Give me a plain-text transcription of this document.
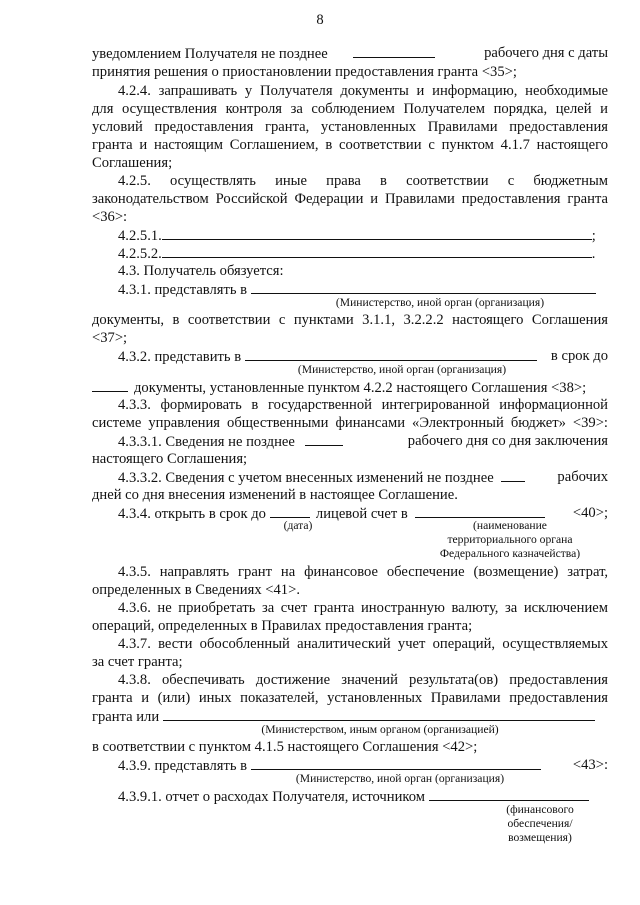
8
уведомлением Получателя не позднее	рабочего дня с даты
принятия решения о приостановлении предоставления гранта <35>;
4.2.4. запрашивать у Получателя документы и информацию, необходимые
для осуществления контроля за соблюдением Получателем порядка, целей и
условий предоставления гранта, установленных Правилами предоставления
гранта и настоящим Соглашением, в соответствии с пунктом 4.1.7 настоящего
Соглашения;
4.2.5. осуществлять иные права в соответствии с бюджетным
законодательством Российской Федерации и Правилами предоставления гранта
<36>:
4.2.5.1.	;
4.2.5.2.	.
4.3. Получатель обязуется:
4.3.1. представлять в
(Министерство, иной орган (организация)
документы, в соответствии с пунктами 3.1.1, 3.2.2.2 настоящего Соглашения
<37>;
4.3.2. представить в	в срок до
(Министерство, иной орган (организация)
документы, установленные пунктом 4.2.2 настоящего Соглашения <38>;
4.3.3. формировать в государственной интегрированной информационной
системе управления общественными финансами «Электронный бюджет» <39>:
4.3.3.1. Сведения не позднее	рабочего дня со дня заключения
настоящего Соглашения;
4.3.3.2. Сведения с учетом внесенных изменений не позднее	рабочих
дней со дня внесения изменений в настоящее Соглашение.
4.3.4. открыть в срок до	лицевой счет в	<40>;
(дата)	(наименование
территориального органа
Федерального казначейства)
4.3.5. направлять грант на финансовое обеспечение (возмещение) затрат,
определенных в Сведениях <41>.
4.3.6. не приобретать за счет гранта иностранную валюту, за исключением
операций, определенных в Правилах предоставления гранта;
4.3.7. вести обособленный аналитический учет операций, осуществляемых
за счет гранта;
4.3.8. обеспечивать достижение значений результата(ов) предоставления
гранта и (или) иных показателей, установленных Правилами предоставления
гранта или
(Министерством, иным органом (организацией)
в соответствии с пунктом 4.1.5 настоящего Соглашения <42>;
4.3.9. представлять в	<43>:
(Министерство, иной орган (организация)
4.3.9.1. отчет о расходах Получателя, источником
(финансового
обеспечения/
возмещения)
